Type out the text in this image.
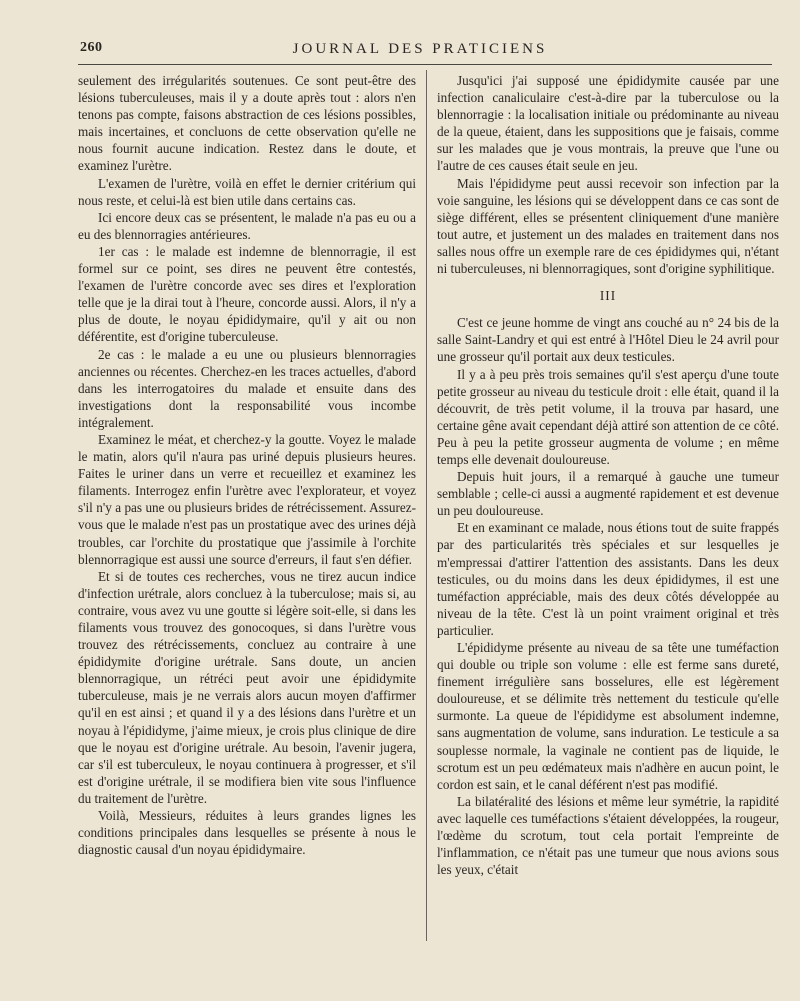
260	JOURNAL DES PRATICIENS

seulement des irrégularités soutenues. Ce sont peut-être des lésions tuberculeuses, mais il y a doute après tout : alors n'en tenons pas compte, faisons abstraction de ces lésions possibles, mais incertaines, et concluons de cette observation qu'elle ne nous fournit aucune indication. Restez dans le doute, et examinez l'urètre.

L'examen de l'urètre, voilà en effet le dernier critérium qui nous reste, et celui-là est bien utile dans certains cas.

Ici encore deux cas se présentent, le malade n'a pas eu ou a eu des blennorragies antérieures.

1er cas : le malade est indemne de blennorragie, il est formel sur ce point, ses dires ne peuvent être contestés, l'examen de l'urètre concorde avec ses dires et l'exploration telle que je la dirai tout à l'heure, concorde aussi. Alors, il n'y a plus de doute, le noyau épididymaire, qu'il y ait ou non déférentite, est d'origine tuberculeuse.

2e cas : le malade a eu une ou plusieurs blennorragies anciennes ou récentes. Cherchez-en les traces actuelles, d'abord dans les interrogatoires du malade et ensuite dans des investigations dont la responsabilité vous incombe intégralement.

Examinez le méat, et cherchez-y la goutte. Voyez le malade le matin, alors qu'il n'aura pas uriné depuis plusieurs heures. Faites le uriner dans un verre et recueillez et examinez les filaments. Interrogez enfin l'urètre avec l'explorateur, et voyez s'il n'y a pas une ou plusieurs brides de rétrécissement. Assurez-vous que le malade n'est pas un prostatique avec des urines déjà troubles, car l'orchite du prostatique que j'assimile à l'orchite blennorragique est aussi une source d'erreurs, il faut s'en défier.

Et si de toutes ces recherches, vous ne tirez aucun indice d'infection urétrale, alors concluez à la tuberculose; mais si, au contraire, vous avez vu une goutte si légère soit-elle, si dans les filaments vous trouvez des gonocoques, si dans l'urètre vous trouvez des rétrécissements, concluez au contraire à une épididymite d'origine urétrale. Sans doute, un ancien blennorragique, un rétréci peut avoir une épididymite tuberculeuse, mais je ne verrais alors aucun moyen d'affirmer qu'il en est ainsi ; et quand il y a des lésions dans l'urètre et un noyau à l'épididyme, j'aime mieux, je crois plus clinique de dire que le noyau est d'origine urétrale. Au besoin, l'avenir jugera, car s'il est tuberculeux, le noyau continuera à progresser, et s'il est d'origine urétrale, il se modifiera bien vite sous l'influence du traitement de l'urètre.

Voilà, Messieurs, réduites à leurs grandes lignes les conditions principales dans lesquelles se présente à nous le diagnostic causal d'un noyau épididymaire.

Jusqu'ici j'ai supposé une épididymite causée par une infection canaliculaire c'est-à-dire par la tuberculose ou la blennorragie : la localisation initiale ou prédominante au niveau de la queue, étaient, dans les suppositions que je faisais, comme sur les malades que je vous montrais, la preuve que l'une ou l'autre de ces causes était seule en jeu.

Mais l'épididyme peut aussi recevoir son infection par la voie sanguine, les lésions qui se développent dans ce cas sont de siège différent, elles se présentent cliniquement d'une manière tout autre, et justement un des malades en traitement dans nos salles nous offre un exemple rare de ces épididymes qui, n'étant ni tuberculeuses, ni blennorragiques, sont d'origine syphilitique.

III

C'est ce jeune homme de vingt ans couché au n° 24 bis de la salle Saint-Landry et qui est entré à l'Hôtel Dieu le 24 avril pour une grosseur qu'il portait aux deux testicules.

Il y a à peu près trois semaines qu'il s'est aperçu d'une toute petite grosseur au niveau du testicule droit : elle était, quand il la découvrit, de très petit volume, il la trouva par hasard, une certaine gêne avait cependant déjà attiré son attention de ce côté. Peu à peu la petite grosseur augmenta de volume ; en même temps elle devenait douloureuse.

Depuis huit jours, il a remarqué à gauche une tumeur semblable ; celle-ci aussi a augmenté rapidement et est devenue un peu douloureuse.

Et en examinant ce malade, nous étions tout de suite frappés par des particularités très spéciales et sur lesquelles je m'empressai d'attirer l'attention des assistants. Dans les deux testicules, ou du moins dans les deux épididymes, il est une tuméfaction appréciable, mais des deux côtés développée au niveau de la tête. C'est là un point vraiment original et très particulier.

L'épididyme présente au niveau de sa tête une tuméfaction qui double ou triple son volume : elle est ferme sans dureté, finement irrégulière sans bosselures, elle est légèrement douloureuse, et se délimite très nettement du testicule qu'elle surmonte. La queue de l'épididyme est absolument indemne, sans augmentation de volume, sans induration. Le testicule a sa souplesse normale, la vaginale ne contient pas de liquide, le scrotum est un peu œdémateux mais n'adhère en aucun point, le cordon est sain, et le canal déférent n'est pas modifié.

La bilatéralité des lésions et même leur symétrie, la rapidité avec laquelle ces tuméfactions s'étaient développées, la rougeur, l'œdème du scrotum, tout cela portait l'empreinte de l'inflammation, ce n'était pas une tumeur que nous avions sous les yeux, c'était
